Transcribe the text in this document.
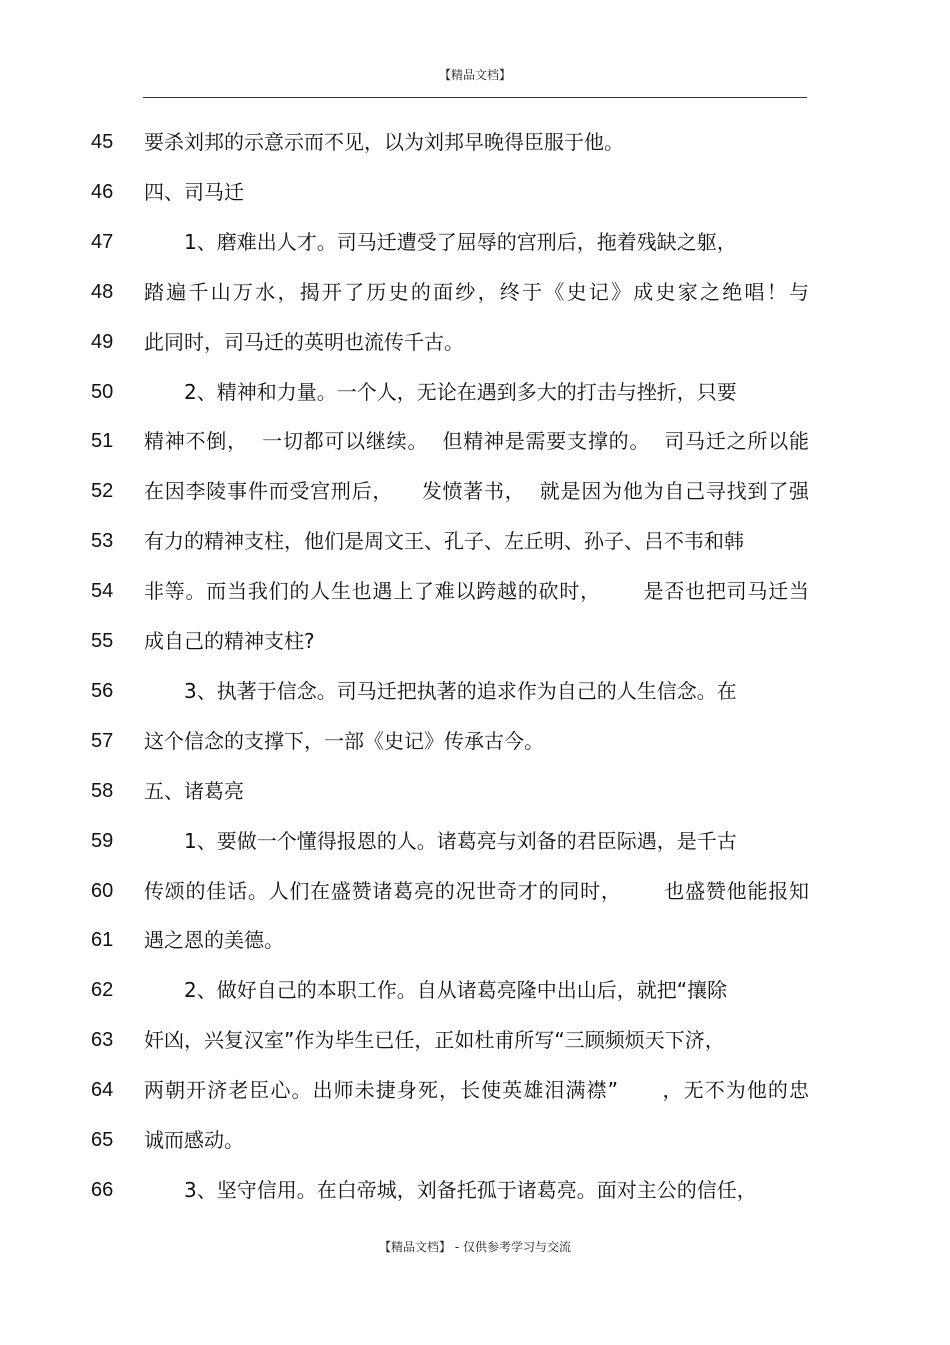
【精品文档】
45	要杀刘邦的示意示而不见，以为刘邦早晚得臣服于他。
46	四、司马迁
47	　　1、磨难出人才。司马迁遭受了屈辱的宫刑后，拖着残缺之躯，
48	踏遍千山万水，揭开了历史的面纱，终于《史记》成史家之绝唱！与
49	此同时，司马迁的英明也流传千古。
50	　　2、精神和力量。一个人，无论在遇到多大的打击与挫折，只要
51	精神不倒，  一切都可以继续。  但精神是需要支撑的。  司马迁之所以能
52	在因李陵事件而受宫刑后，    发愤著书，  就是因为他为自己寻找到了强
53	有力的精神支柱，他们是周文王、孔子、左丘明、孙子、吕不韦和韩
54	非等。而当我们的人生也遇上了难以跨越的砍时，      是否也把司马迁当
55	成自己的精神支柱?
56	　　3、执著于信念。司马迁把执著的追求作为自己的人生信念。在
57	这个信念的支撑下，一部《史记》传承古今。
58	五、诸葛亮
59	　　1、要做一个懂得报恩的人。诸葛亮与刘备的君臣际遇，是千古
60	传颂的佳话。人们在盛赞诸葛亮的况世奇才的同时，      也盛赞他能报知
61	遇之恩的美德。
62	　　2、做好自己的本职工作。自从诸葛亮隆中出山后，就把“攘除
63	奸凶，兴复汉室”作为毕生已任，正如杜甫所写“三顾频烦天下济，
64	两朝开济老臣心。出师未捷身死，长使英雄泪满襟”      ，无不为他的忠
65	诚而感动。
66	　　3、坚守信用。在白帝城，刘备托孤于诸葛亮。面对主公的信任，
【精品文档】 - 仅供参考学习与交流
